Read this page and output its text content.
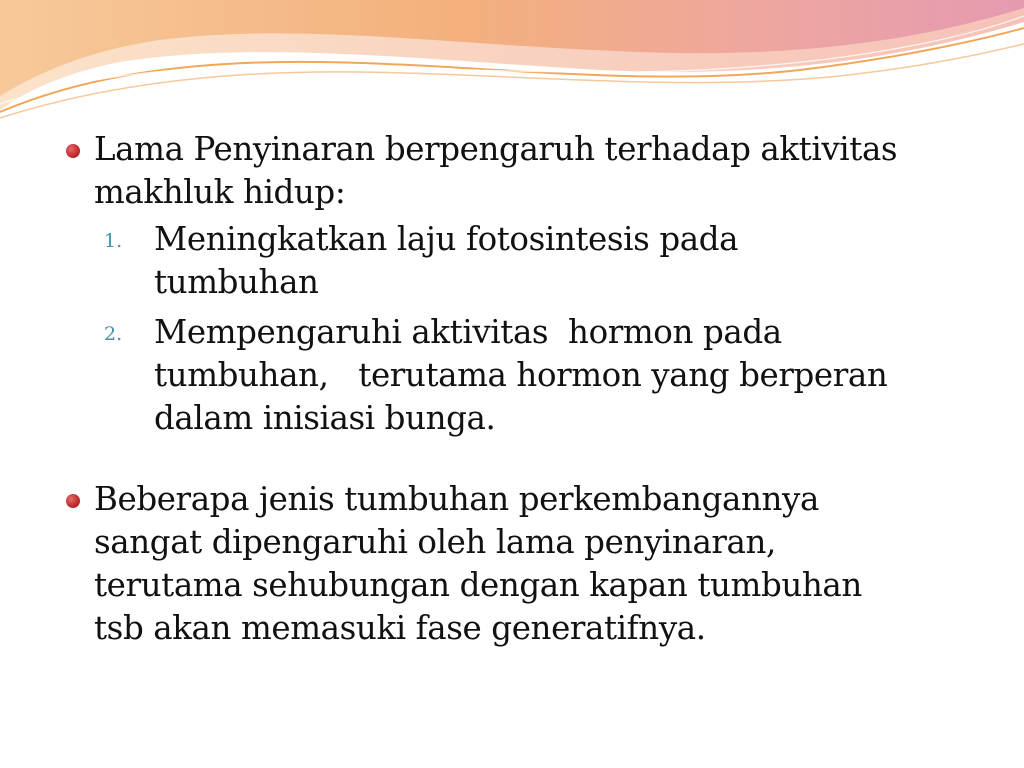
Lama Penyinaran berpengaruh terhadap aktivitas
makhluk hidup:
1. Meningkatkan laju fotosintesis pada
tumbuhan
2. Mempengaruhi aktivitas  hormon pada
tumbuhan,   terutama hormon yang berperan
dalam inisiasi bunga.
Beberapa jenis tumbuhan perkembangannya
sangat dipengaruhi oleh lama penyinaran,
terutama sehubungan dengan kapan tumbuhan
tsb akan memasuki fase generatifnya.
